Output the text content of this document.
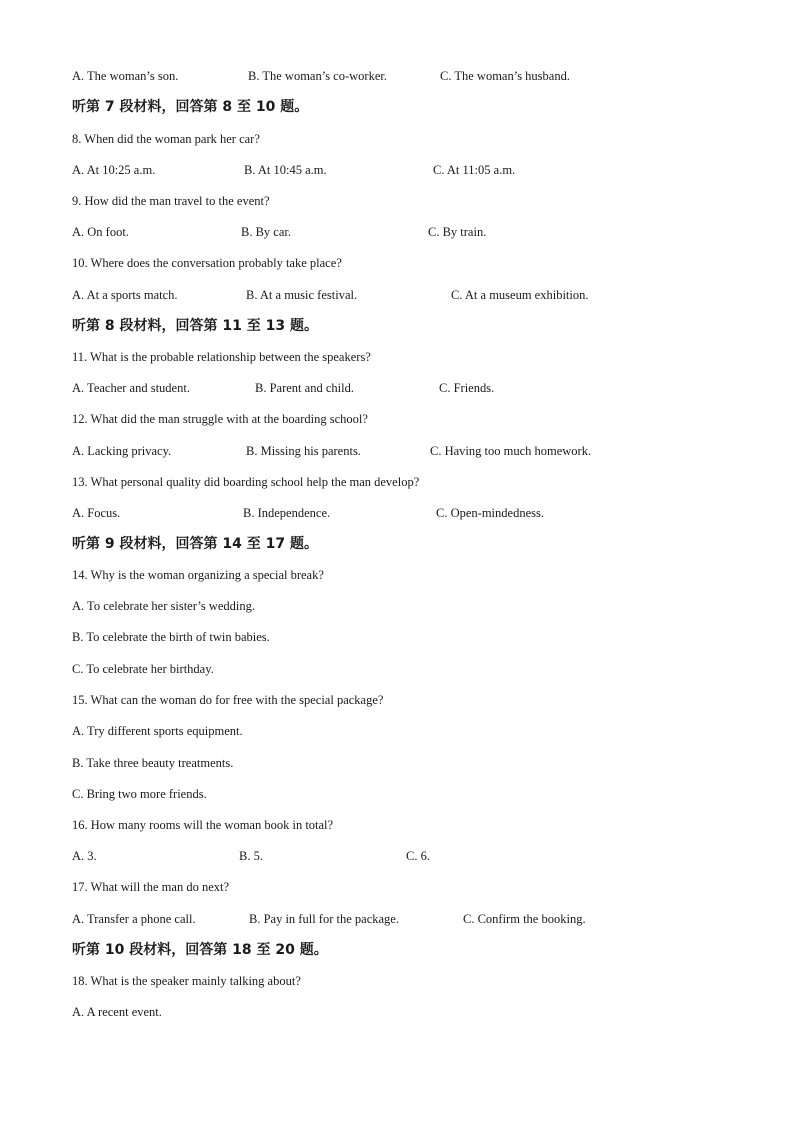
A. The woman’s son.	B. The woman’s co-worker.	C. The woman’s husband.
听第 7 段材料，回答第 8 至 10 题。
8. When did the woman park her car?
A. At 10:25 a.m.	B. At 10:45 a.m.	C. At 11:05 a.m.
9. How did the man travel to the event?
A. On foot.	B. By car.	C. By train.
10. Where does the conversation probably take place?
A. At a sports match.	B. At a music festival.	C. At a museum exhibition.
听第 8 段材料，回答第 11 至 13 题。
11. What is the probable relationship between the speakers?
A. Teacher and student.	B. Parent and child.	C. Friends.
12. What did the man struggle with at the boarding school?
A. Lacking privacy.	B. Missing his parents.	C. Having too much homework.
13. What personal quality did boarding school help the man develop?
A. Focus.	B. Independence.	C. Open-mindedness.
听第 9 段材料，回答第 14 至 17 题。
14. Why is the woman organizing a special break?
A. To celebrate her sister’s wedding.
B. To celebrate the birth of twin babies.
C. To celebrate her birthday.
15. What can the woman do for free with the special package?
A. Try different sports equipment.
B. Take three beauty treatments.
C. Bring two more friends.
16. How many rooms will the woman book in total?
A. 3.	B. 5.	C. 6.
17. What will the man do next?
A. Transfer a phone call.	B. Pay in full for the package.	C. Confirm the booking.
听第 10 段材料，回答第 18 至 20 题。
18. What is the speaker mainly talking about?
A. A recent event.
